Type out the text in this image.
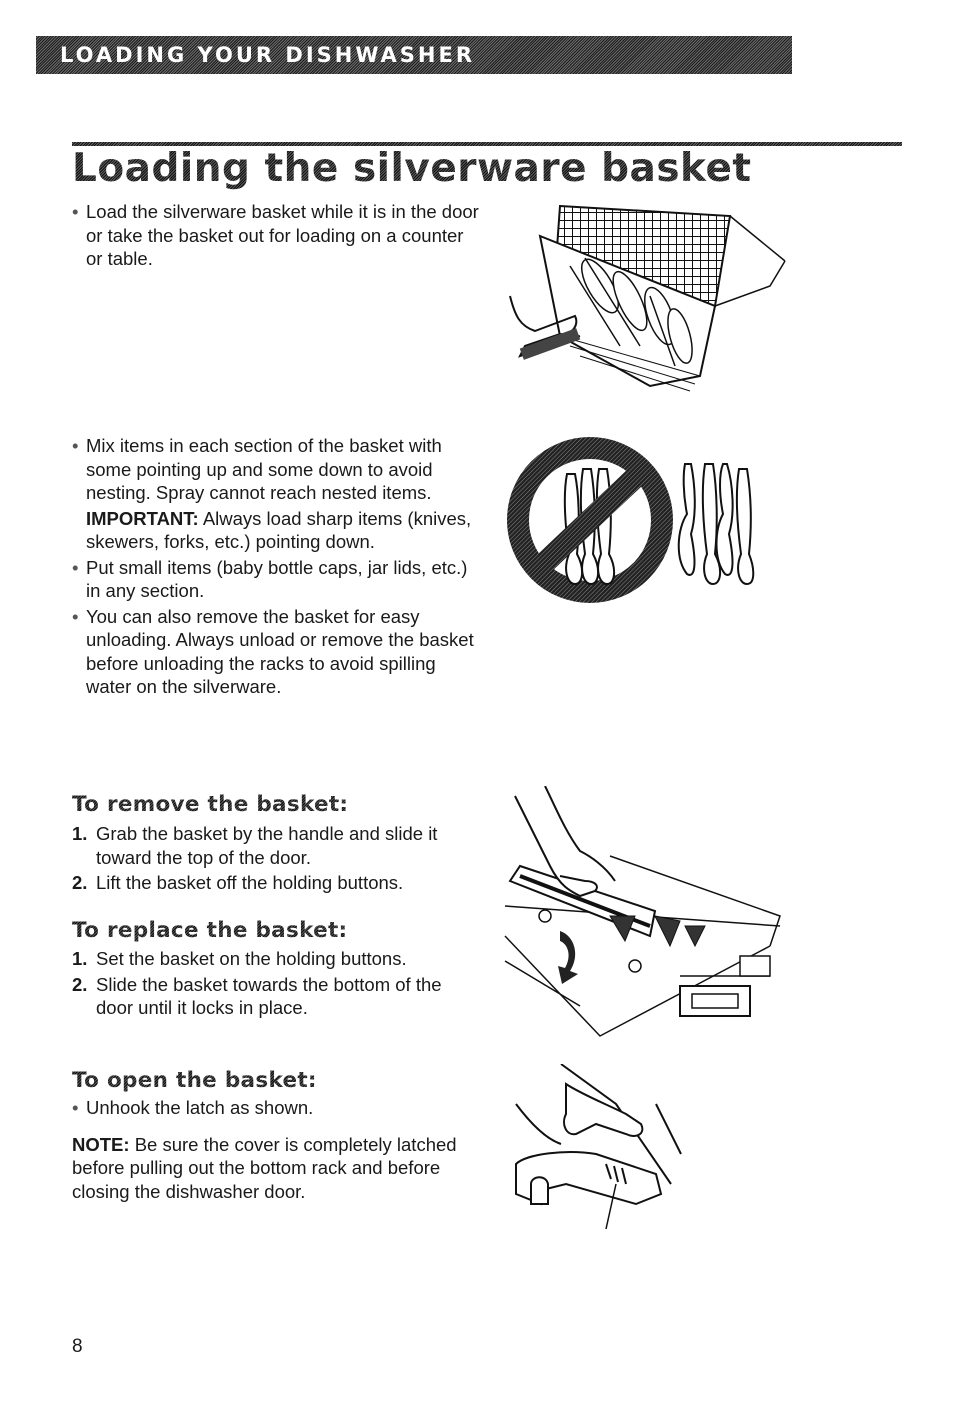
LOADING YOUR DISHWASHER
Loading the silverware basket

• Load the silverware basket while it is in the door or take the basket out for loading on a counter or table.

• Mix items in each section of the basket with some pointing up and some down to avoid nesting. Spray cannot reach nested items.

IMPORTANT: Always load sharp items (knives, skewers, forks, etc.) pointing down.

• Put small items (baby bottle caps, jar lids, etc.) in any section.

• You can also remove the basket for easy unloading. Always unload or remove the basket before unloading the racks to avoid spilling water on the silverware.

To remove the basket:
1. Grab the basket by the handle and slide it toward the top of the door.
2. Lift the basket off the holding buttons.
To replace the basket:
1. Set the basket on the holding buttons.
2. Slide the basket towards the bottom of the door until it locks in place.
To open the basket:

• Unhook the latch as shown.

NOTE: Be sure the cover is completely latched before pulling out the bottom rack and before closing the dishwasher door.

8
